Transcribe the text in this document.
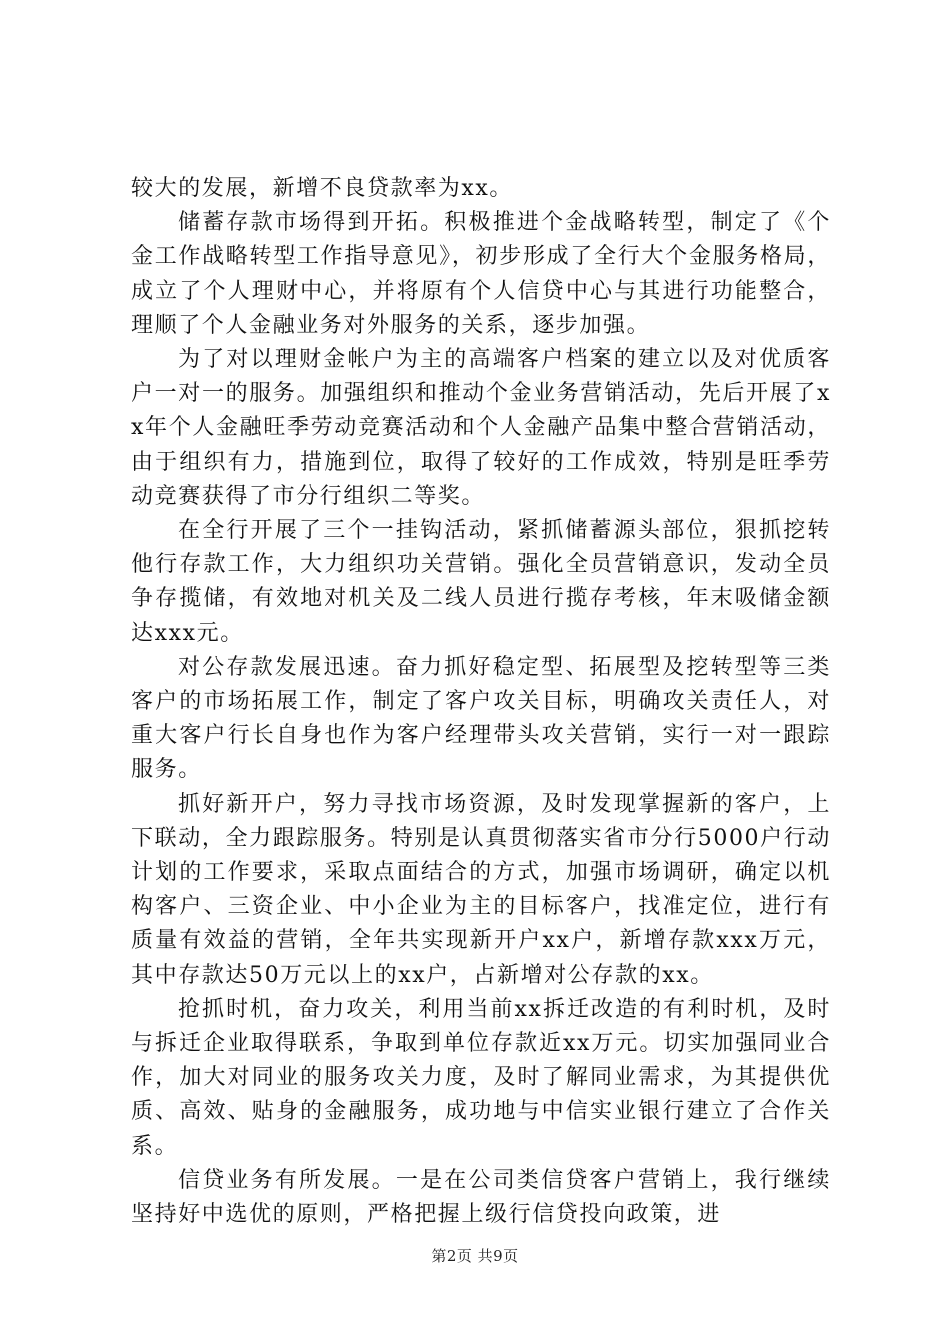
较大的发展，新增不良贷款率为xx。

储蓄存款市场得到开拓。积极推进个金战略转型，制定了《个金工作战略转型工作指导意见》，初步形成了全行大个金服务格局，成立了个人理财中心，并将原有个人信贷中心与其进行功能整合，理顺了个人金融业务对外服务的关系，逐步加强。

为了对以理财金帐户为主的高端客户档案的建立以及对优质客户一对一的服务。加强组织和推动个金业务营销活动，先后开展了xx年个人金融旺季劳动竞赛活动和个人金融产品集中整合营销活动，由于组织有力，措施到位，取得了较好的工作成效，特别是旺季劳动竞赛获得了市分行组织二等奖。

在全行开展了三个一挂钩活动，紧抓储蓄源头部位，狠抓挖转他行存款工作，大力组织功关营销。强化全员营销意识，发动全员争存揽储，有效地对机关及二线人员进行揽存考核，年末吸储金额达xxx元。

对公存款发展迅速。奋力抓好稳定型、拓展型及挖转型等三类客户的市场拓展工作，制定了客户攻关目标，明确攻关责任人，对重大客户行长自身也作为客户经理带头攻关营销，实行一对一跟踪服务。

抓好新开户，努力寻找市场资源，及时发现掌握新的客户，上下联动，全力跟踪服务。特别是认真贯彻落实省市分行5000户行动计划的工作要求，采取点面结合的方式，加强市场调研，确定以机构客户、三资企业、中小企业为主的目标客户，找准定位，进行有质量有效益的营销，全年共实现新开户xx户，新增存款xxx万元，其中存款达50万元以上的xx户，占新增对公存款的xx。

抢抓时机，奋力攻关，利用当前xx拆迁改造的有利时机，及时与拆迁企业取得联系，争取到单位存款近xx万元。切实加强同业合作，加大对同业的服务攻关力度，及时了解同业需求，为其提供优质、高效、贴身的金融服务，成功地与中信实业银行建立了合作关系。

信贷业务有所发展。一是在公司类信贷客户营销上，我行继续坚持好中选优的原则，严格把握上级行信贷投向政策，进

第2页 共9页
